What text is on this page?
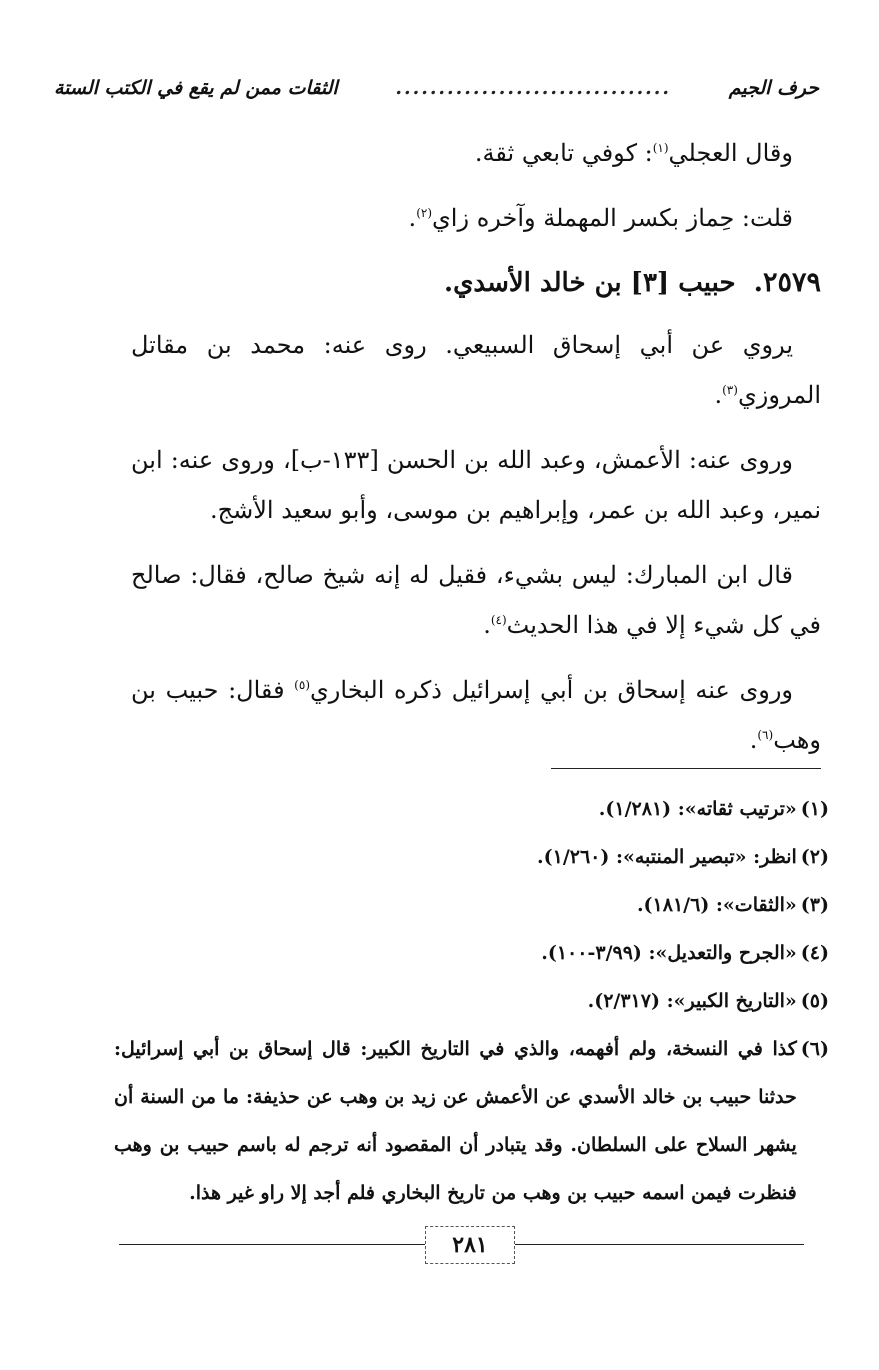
حرف الجيم
................................
الثقات ممن لم يقع في الكتب الستة

وقال العجلي$^{(١)}$: كوفي تابعي ثقة.

قلت: حِماز بكسر المهملة وآخره زاي$^{(٢)}$.

٢٥٧٩.حبيب [٣] بن خالد الأسدي.

يروي عن أبي إسحاق السبيعي. روى عنه: محمد بن مقاتل المروزي$^{(٣)}$.

وروى عنه: الأعمش، وعبد الله بن الحسن [١٣٣-ب]، وروى عنه: ابن نمير، وعبد الله بن عمر، وإبراهيم بن موسى، وأبو سعيد الأشج.

قال ابن المبارك: ليس بشيء، فقيل له إنه شيخ صالح، فقال: صالح في كل شيء إلا في هذا الحديث$^{(٤)}$.

وروى عنه إسحاق بن أبي إسرائيل ذكره البخاري$^{(٥)}$ فقال: حبيب بن وهب$^{(٦)}$.

(١)
«ترتيب ثقاته»: (١/٢٨١).
(٢)
انظر: «تبصير المنتبه»: (١/٢٦٠).
(٣)
«الثقات»: (١٨١/٦).
(٤)
«الجرح والتعديل»: (٣/٩٩-١٠٠).
(٥)
«التاريخ الكبير»: (٢/٣١٧).
(٦)
كذا في النسخة، ولم أفهمه، والذي في التاريخ الكبير: قال إسحاق بن أبي إسرائيل: حدثنا حبيب بن خالد الأسدي عن الأعمش عن زيد بن وهب عن حذيفة: ما من السنة أن يشهر السلاح على السلطان. وقد يتبادر أن المقصود أنه ترجم له باسم حبيب بن وهب فنظرت فيمن اسمه حبيب بن وهب من تاريخ البخاري فلم أجد إلا راو غير هذا.
٢٨١
